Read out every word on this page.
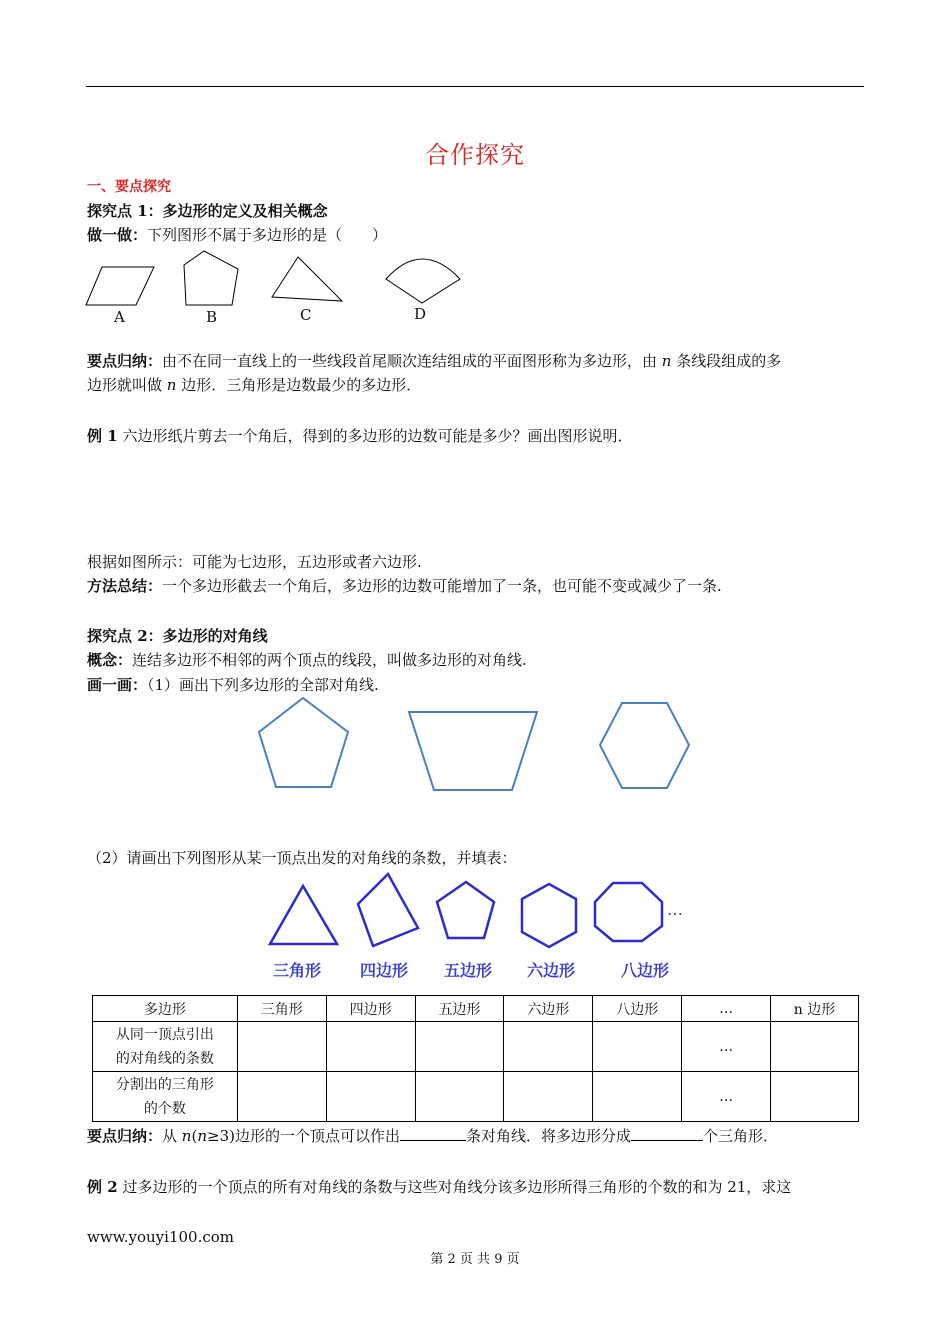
合作探究
一、要点探究
探究点 1：多边形的定义及相关概念
做一做：下列图形不属于多边形的是（　　）
A	B	C	D
要点归纳：由不在同一直线上的一些线段首尾顺次连结组成的平面图形称为多边形，由 n 条线段组成的多
边形就叫做 n 边形．三角形是边数最少的多边形．
例 1 六边形纸片剪去一个角后，得到的多边形的边数可能是多少？画出图形说明．
根据如图所示：可能为七边形，五边形或者六边形.
方法总结：一个多边形截去一个角后，多边形的边数可能增加了一条，也可能不变或减少了一条.
探究点 2：多边形的对角线
概念：连结多边形不相邻的两个顶点的线段，叫做多边形的对角线.
画一画：（1）画出下列多边形的全部对角线.
（2）请画出下列图形从某一顶点出发的对角线的条数，并填表：
…
三角形 四边形 五边形 六边形	八边形
多边形	三角形	四边形	五边形	六边形	八边形	…	n 边形
从同一顶点引出
的对角线的条数						…	
分割出的三角形
的个数						…	
要点归纳：从 n(n≥3)边形的一个顶点可以作出	条对角线．将多边形分成	个三角形．
例 2 过多边形的一个顶点的所有对角线的条数与这些对角线分该多边形所得三角形的个数的和为 21，求这
www.youyi100.com
第 2 页 共 9 页
